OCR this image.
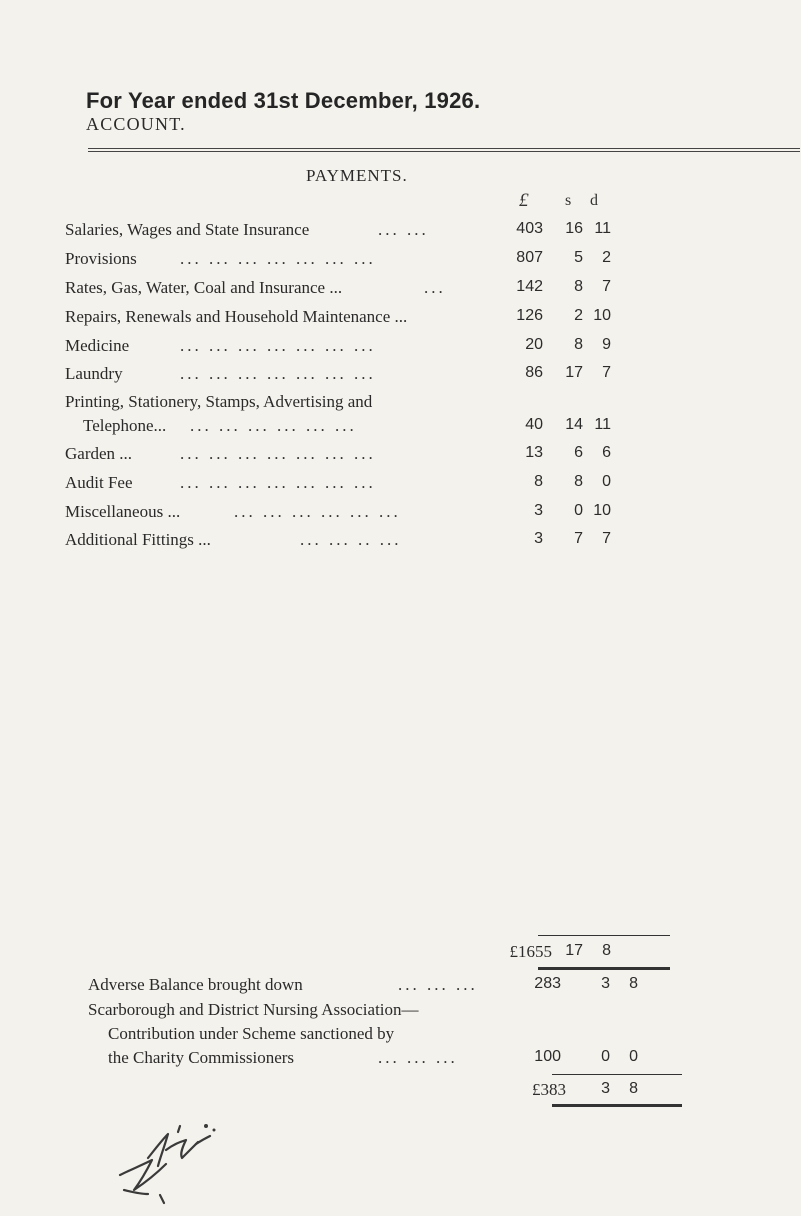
For Year ended 31st December, 1926.
ACCOUNT.
PAYMENTS.
£ s d
Salaries, Wages and State Insurance	... ...	403 16 11
Provisions	... ... ... ... ... ... ...	807 5 2
Rates, Gas, Water, Coal and Insurance ...	...	142 8 7
Repairs, Renewals and Household Maintenance ...	126 2 10
Medicine	... ... ... ... ... ... ...	20 8 9
Laundry	... ... ... ... ... ... ...	86 17 7
Printing, Stationery, Stamps, Advertising and
Telephone... ... ... ... ... ... ...	40 14 11
Garden ...	... ... ... ... ... ... ...	13 6 6
Audit Fee	... ... ... ... ... ... ...	8 8 0
Miscellaneous ...	... ... ... ... ... ...	3 0 10
Additional Fittings ...	... ... .. ...	3 7 7
£1655 17 8
Adverse Balance brought down	... ... ...	283	3 8
Scarborough and District Nursing Association—
Contribution under Scheme sanctioned by
the Charity Commissioners	... ... ...	100	0 0
£383 3 8
